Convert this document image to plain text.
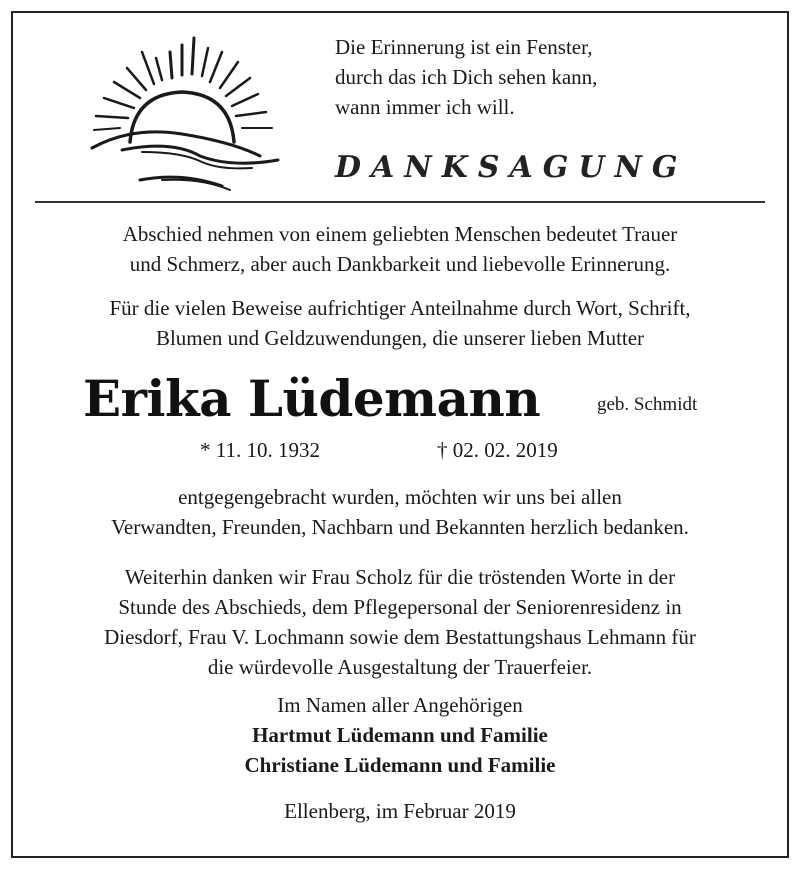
Die Erinnerung ist ein Fenster,
durch das ich Dich sehen kann,
wann immer ich will.
DANKSAGUNG
Abschied nehmen von einem geliebten Menschen bedeutet Trauer
und Schmerz, aber auch Dankbarkeit und liebevolle Erinnerung.
Für die vielen Beweise aufrichtiger Anteilnahme durch Wort, Schrift,
Blumen und Geldzuwendungen, die unserer lieben Mutter
Erika Lüdemann	geb. Schmidt
* 11. 10. 1932	† 02. 02. 2019
entgegengebracht wurden, möchten wir uns bei allen
Verwandten, Freunden, Nachbarn und Bekannten herzlich bedanken.
Weiterhin danken wir Frau Scholz für die tröstenden Worte in der
Stunde des Abschieds, dem Pflegepersonal der Seniorenresidenz in
Diesdorf, Frau V. Lochmann sowie dem Bestattungshaus Lehmann für
die würdevolle Ausgestaltung der Trauerfeier.
Im Namen aller Angehörigen
Hartmut Lüdemann und Familie
Christiane Lüdemann und Familie
Ellenberg, im Februar 2019
